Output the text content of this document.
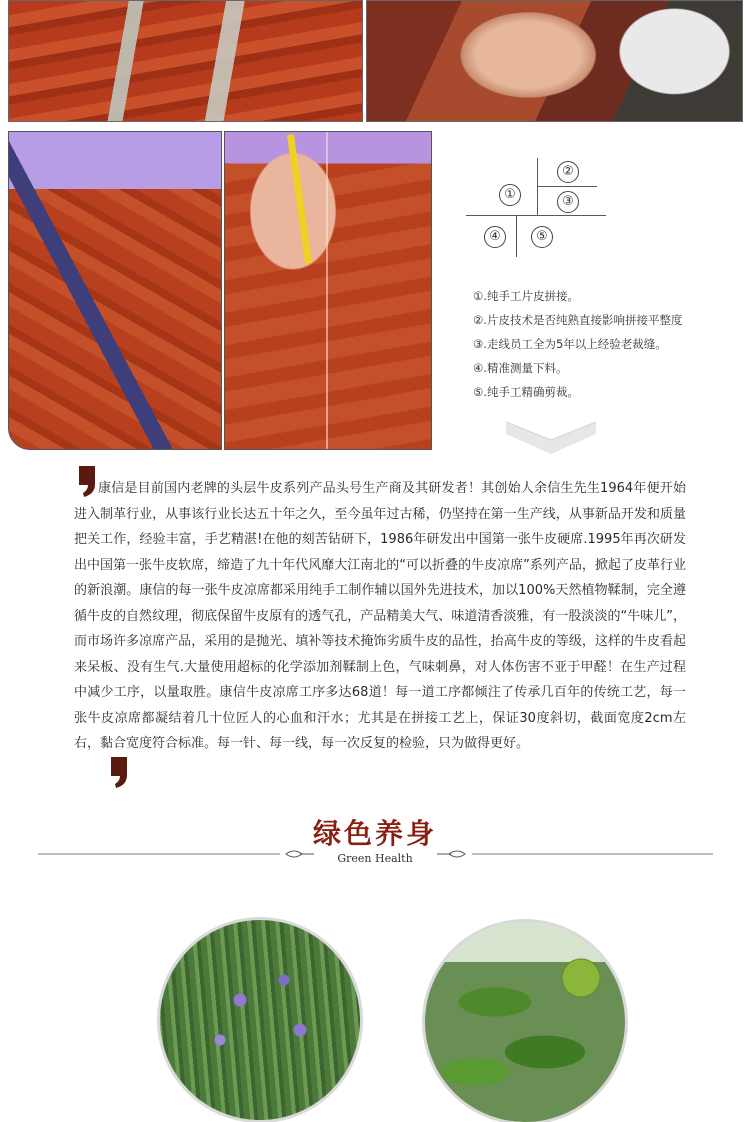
②
①	③
④	⑤
①.纯手工片皮拼接。
②.片皮技术是否纯熟直接影响拼接平整度
③.走线员工全为5年以上经验老裁缝。
④.精准测量下料。
⑤.纯手工精确剪裁。

康信是目前国内老牌的头层牛皮系列产品头号生产商及其研发者！其创始人余信生先生1964年便开始进入制革行业，从事该行业长达五十年之久，至今虽年过古稀，仍坚持在第一生产线，从事新品开发和质量把关工作，经验丰富，手艺精湛!在他的刻苦钻研下，1986年研发出中国第一张牛皮硬席.1995年再次研发出中国第一张牛皮软席，缔造了九十年代风靡大江南北的“可以折叠的牛皮凉席”系列产品，掀起了皮革行业的新浪潮。康信的每一张牛皮凉席都采用纯手工制作辅以国外先进技术，加以100%天然植物鞣制，完全遵循牛皮的自然纹理，彻底保留牛皮原有的透气孔，产品精美大气、味道清香淡雅，有一股淡淡的“牛味儿”，而市场许多凉席产品，采用的是抛光、填补等技术掩饰劣质牛皮的品性，抬高牛皮的等级，这样的牛皮看起来呆板、没有生气.大量使用超标的化学添加剂鞣制上色，气味刺鼻，对人体伤害不亚于甲醛！在生产过程中减少工序，以量取胜。康信牛皮凉席工序多达68道！每一道工序都倾注了传承几百年的传统工艺，每一张牛皮凉席都凝结着几十位匠人的心血和汗水；尤其是在拼接工艺上，保证30度斜切，截面宽度2cm左右，黏合宽度符合标准。每一针、每一线，每一次反复的检验，只为做得更好。

绿色养身
Green Health
